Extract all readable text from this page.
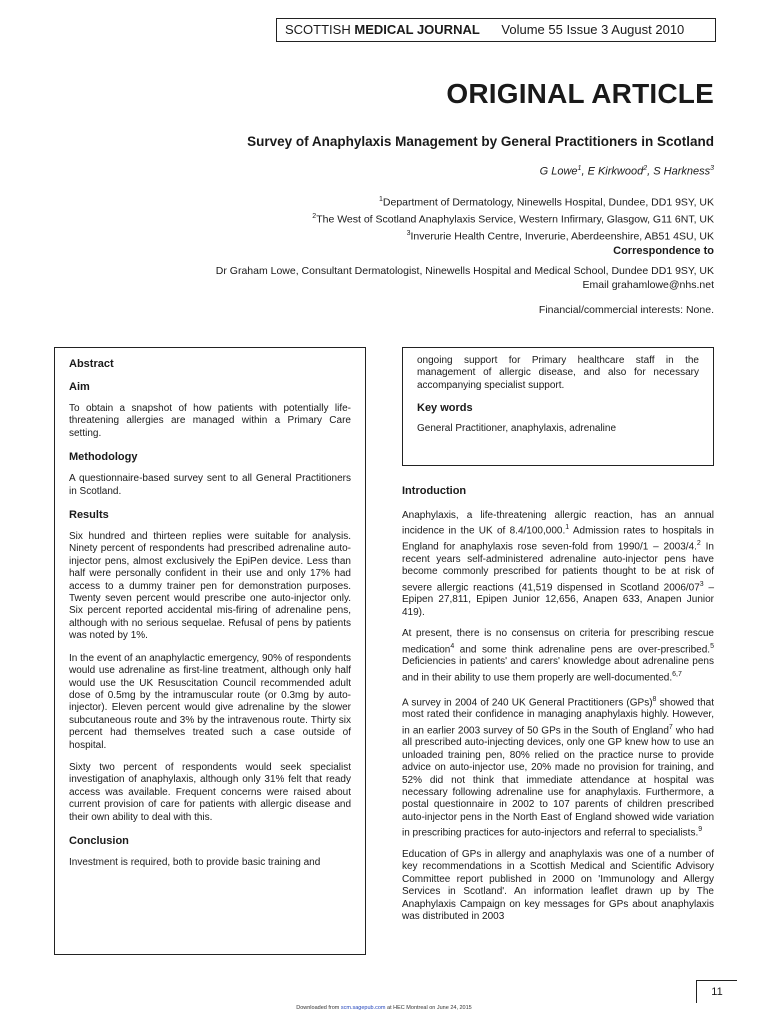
SCOTTISH MEDICAL JOURNAL Volume 55 Issue 3 August 2010
ORIGINAL ARTICLE
Survey of Anaphylaxis Management by General Practitioners in Scotland
G Lowe$^1$, E Kirkwood$^2$, S Harkness$^3$
$^1$Department of Dermatology, Ninewells Hospital, Dundee, DD1 9SY, UK
$^2$The West of Scotland Anaphylaxis Service, Western Infirmary, Glasgow, G11 6NT, UK
$^3$Inverurie Health Centre, Inverurie, Aberdeenshire, AB51 4SU, UK
Correspondence to
Dr Graham Lowe, Consultant Dermatologist, Ninewells Hospital and Medical School, Dundee DD1 9SY, UK
Email grahamlowe@nhs.net
Financial/commercial interests: None.
Abstract
Aim

To obtain a snapshot of how patients with potentially life-threatening allergies are managed within a Primary Care setting.

Methodology

A questionnaire-based survey sent to all General Practitioners in Scotland.

Results

Six hundred and thirteen replies were suitable for analysis. Ninety percent of respondents had prescribed adrenaline auto-injector pens, almost exclusively the EpiPen device. Less than half were personally confident in their use and only 17% had access to a dummy trainer pen for demonstration purposes. Twenty seven percent would prescribe one auto-injector only. Six percent reported accidental mis-firing of adrenaline pens, although with no serious sequelae. Refusal of pens by patients was noted by 1%.

In the event of an anaphylactic emergency, 90% of respondents would use adrenaline as first-line treatment, although only half would use the UK Resuscitation Council recommended adult dose of 0.5mg by the intramuscular route (or 0.3mg by auto-injector). Eleven percent would give adrenaline by the slower subcutaneous route and 3% by the intravenous route. Thirty six percent had themselves treated such a case outside of hospital.

Sixty two percent of respondents would seek specialist investigation of anaphylaxis, although only 31% felt that ready access was available. Frequent concerns were raised about current provision of care for patients with allergic disease and their own ability to deal with this.

Conclusion

Investment is required, both to provide basic training and

ongoing support for Primary healthcare staff in the management of allergic disease, and also for necessary accompanying specialist support.

Key words

General Practitioner, anaphylaxis, adrenaline

Introduction

Anaphylaxis, a life-threatening allergic reaction, has an annual incidence in the UK of 8.4/100,000.$^1$ Admission rates to hospitals in England for anaphylaxis rose seven-fold from 1990/1 – 2003/4.$^2$ In recent years self-administered adrenaline auto-injector pens have become commonly prescribed for patients thought to be at risk of severe allergic reactions (41,519 dispensed in Scotland $2006/07^3$ – Epipen 27,811, Epipen Junior 12,656, Anapen 633, Anapen Junior 419).

At present, there is no consensus on criteria for prescribing rescue medication$^4$ and some think adrenaline pens are over-prescribed.$^5$ Deficiencies in patients' and carers' knowledge about adrenaline pens and in their ability to use them properly are well-documented.$^{6,7}$

A survey in 2004 of 240 UK General Practitioners (GPs)$^8$ showed that most rated their confidence in managing anaphylaxis highly. However, in an earlier 2003 survey of 50 GPs in the South of England$^7$ who had all prescribed auto-injecting devices, only one GP knew how to use an unloaded training pen, 80% relied on the practice nurse to provide advice on auto-injector use, 20% made no provision for training, and 52% did not think that immediate attendance at hospital was necessary following adrenaline use for anaphylaxis. Furthermore, a postal questionnaire in 2002 to 107 parents of children prescribed auto-injector pens in the North East of England showed wide variation in prescribing practices for auto-injectors and referral to specialists.$^9$

Education of GPs in allergy and anaphylaxis was one of a number of key recommendations in a Scottish Medical and Scientific Advisory Committee report published in 2000 on 'Immunology and Allergy Services in Scotland'. An information leaflet drawn up by The Anaphylaxis Campaign on key messages for GPs about anaphylaxis was distributed in 2003

11
Downloaded from scm.sagepub.com at HEC Montreal on June 24, 2015
